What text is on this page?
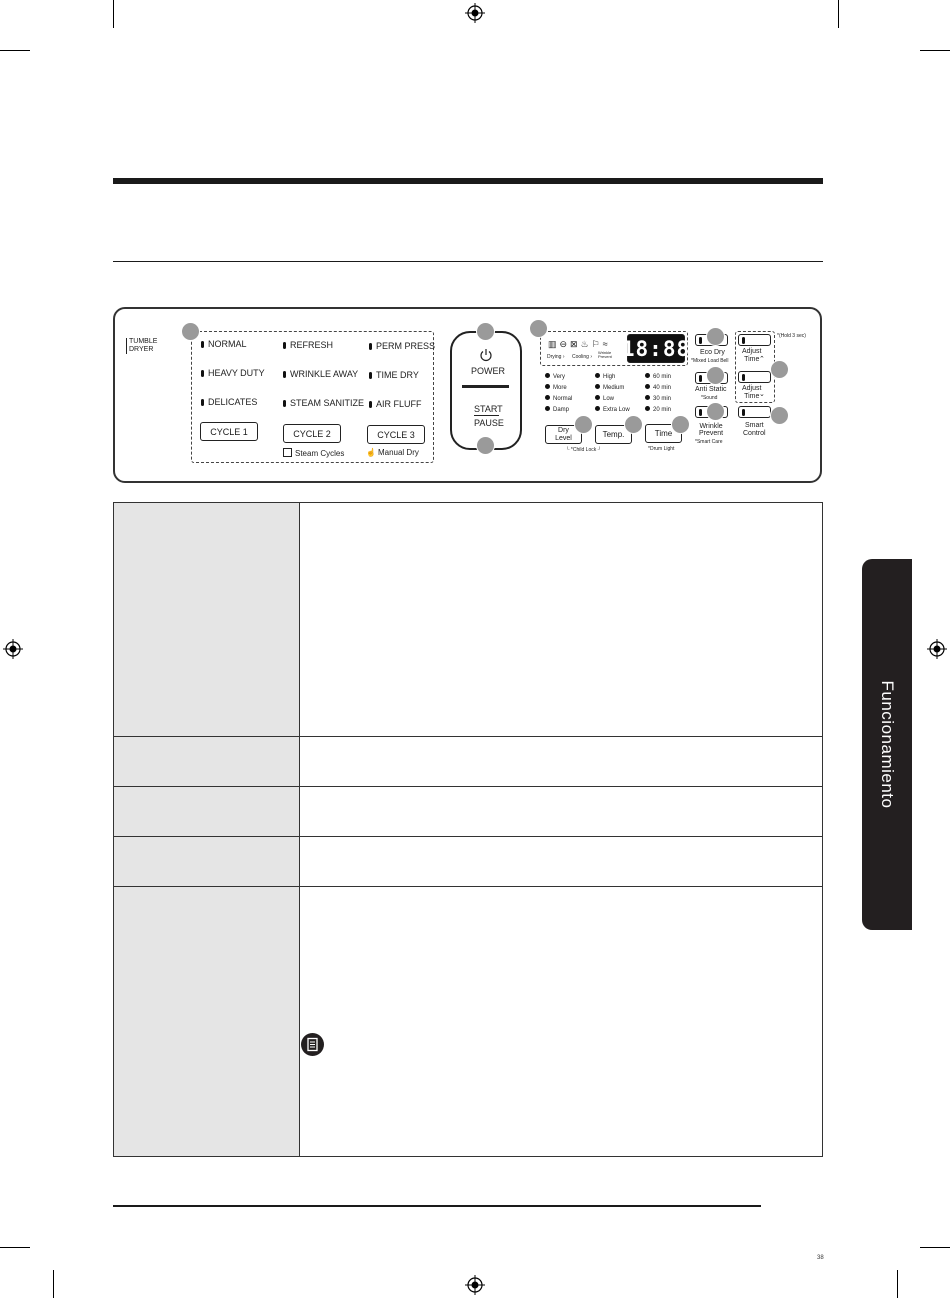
Funcionamiento
TUMBLE
DRYER
NORMAL
HEAVY DUTY
DELICATES
REFRESH
WRINKLE AWAY
STEAM SANITIZE
PERM PRESS
TIME DRY
AIR FLUFF
CYCLE 1	CYCLE 2	CYCLE 3
Steam Cycles	☝ Manual Dry
POWER
START
PAUSE
▥⊖⊠♨⚐≈
Drying › Cooling ›
Wrinkle
Prevent 18:88
Very
More
Normal
Damp
High
Medium
Low
Extra Low
60 min
40 min
30 min
20 min
Dry
Level	Temp.	Time
└ *Child Lock ┘	*Drum Light
Eco Dry
*Mixed Load Bell
Anti Static
*Sound
Wrinkle
Prevent
*Smart Care
*(Hold 3 sec)
Adjust
Time ⌃
Adjust
Time ⌄
Smart
Control
38
